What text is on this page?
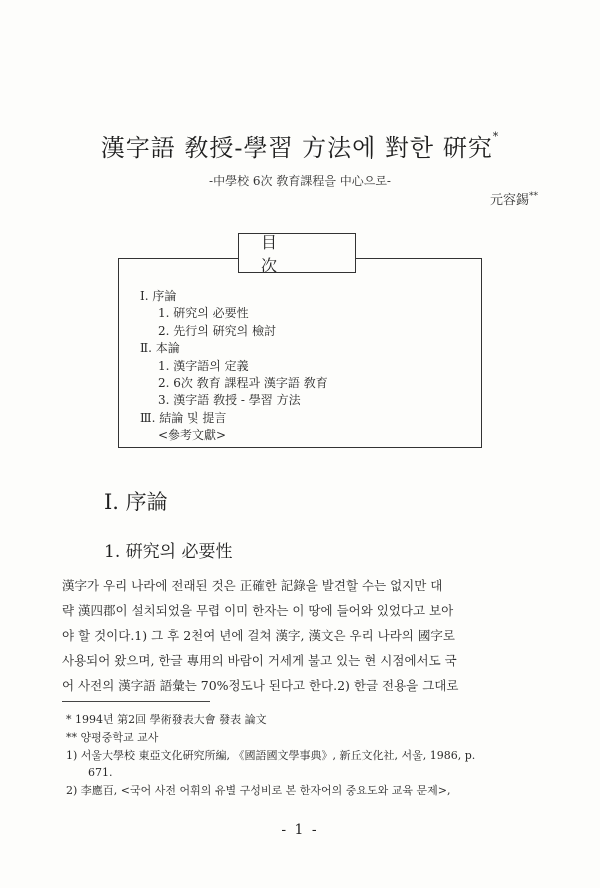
漢字語 敎授-學習 方法에 對한 硏究*
-中學校 6次 敎育課程을 中心으로-
元容錫**
目 次
Ⅰ. 序論
1. 硏究의 必要性
2. 先行의 硏究의 檢討
Ⅱ. 本論
1. 漢字語의 定義
2. 6次 敎育 課程과 漢字語 敎育
3. 漢字語 敎授 - 學習 方法
Ⅲ. 結論 및 提言
<參考文獻>
Ⅰ. 序論
1. 硏究의 必要性
漢字가 우리 나라에 전래된 것은 正確한 記錄을 발견할 수는 없지만 대
략 漢四郡이 설치되었을 무렵 이미 한자는 이 땅에 들어와 있었다고 보아
야 할 것이다.1) 그 후 2천여 년에 걸쳐 漢字, 漢文은 우리 나라의 國字로
사용되어 왔으며, 한글 專用의 바람이 거세게 불고 있는 현 시점에서도 국
어 사전의 漢字語 語彙는 70%정도나 된다고 한다.2) 한글 전용을 그대로
* 1994년 第2回 學術發表大會 發表 論文
** 양평중학교 교사
1) 서울大學校 東亞文化硏究所編, 《國語國文學事典》, 新丘文化社, 서울, 1986, p.
671.
2) 李應百, <국어 사전 어휘의 유별 구성비로 본 한자어의 중요도와 교육 문제>,
- 1 -
